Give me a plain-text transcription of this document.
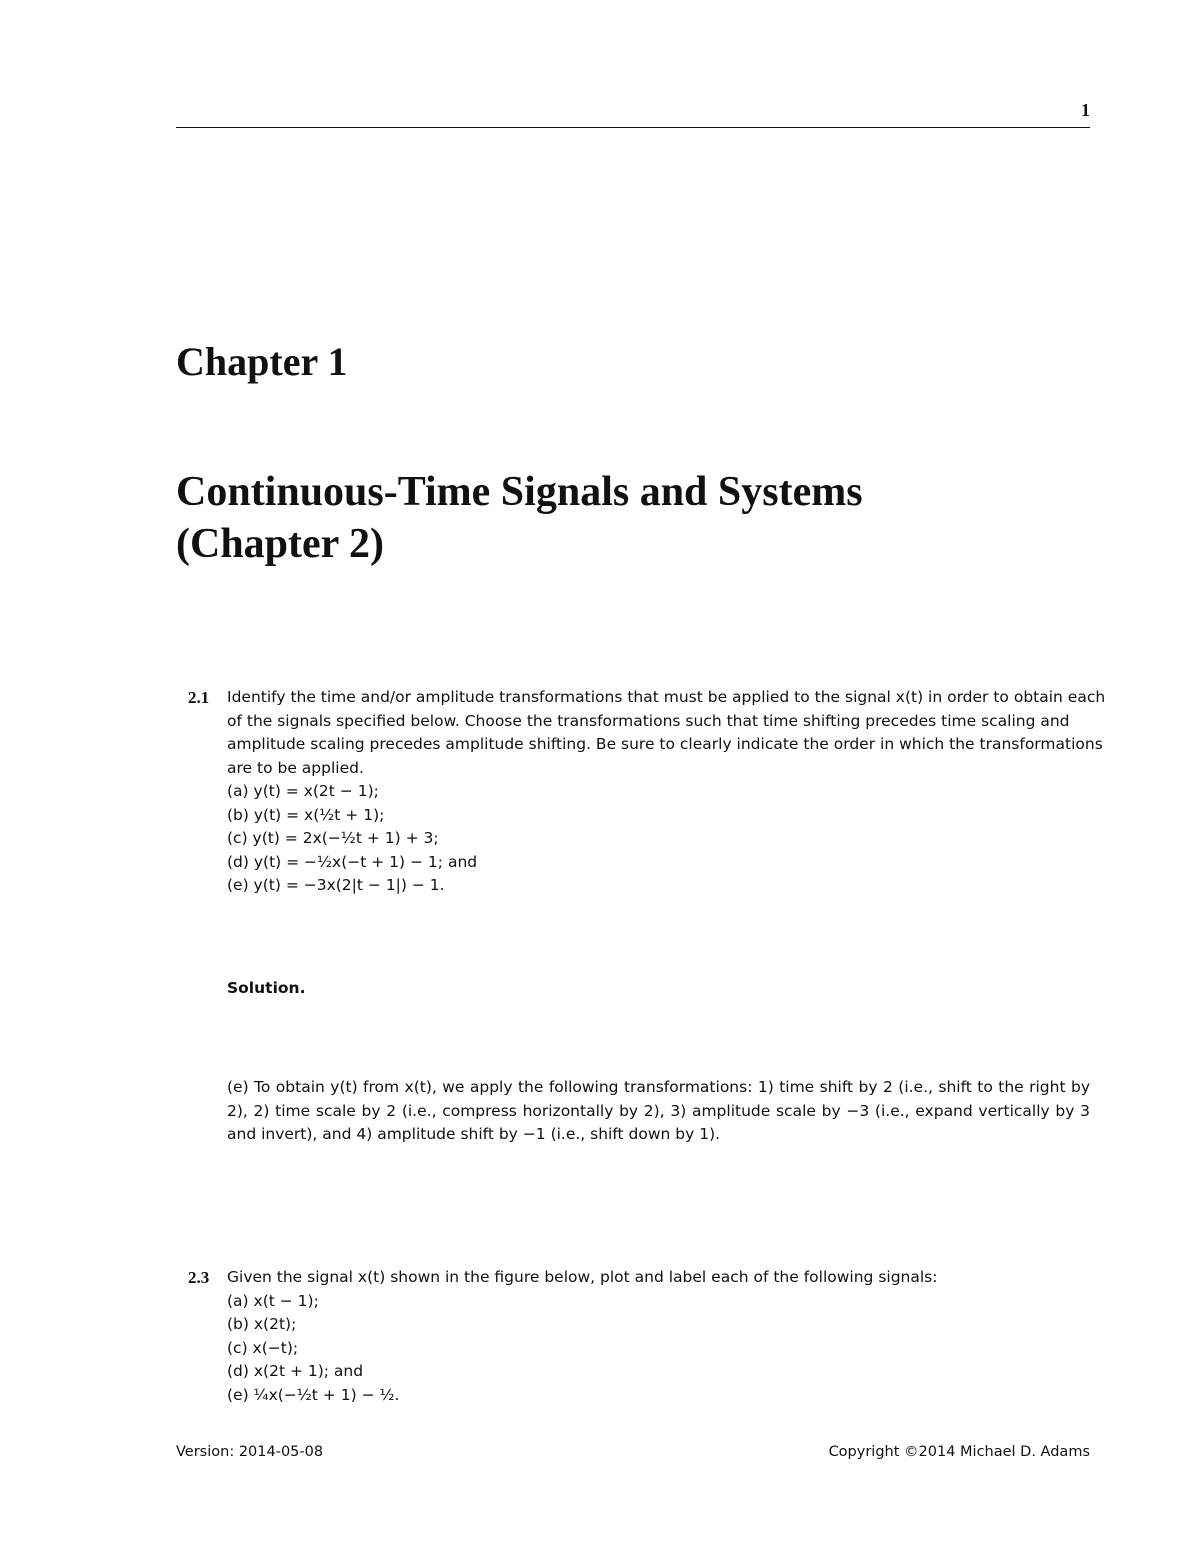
1
Chapter 1
Continuous-Time Signals and Systems
(Chapter 2)
2.1 Identify the time and/or amplitude transformations that must be applied to the signal x(t) in order to obtain each
of the signals specified below. Choose the transformations such that time shifting precedes time scaling and
amplitude scaling precedes amplitude shifting. Be sure to clearly indicate the order in which the transformations
are to be applied.
(a) y(t) = x(2t − 1);
(b) y(t) = x(½t + 1);
(c) y(t) = 2x(−½t + 1) + 3;
(d) y(t) = −½x(−t + 1) − 1; and
(e) y(t) = −3x(2|t − 1|) − 1.
Solution.
(e) To obtain y(t) from x(t), we apply the following transformations: 1) time shift by 2 (i.e., shift to the right by 2), 2) time scale by 2 (i.e., compress horizontally by 2), 3) amplitude scale by −3 (i.e., expand vertically by 3 and invert), and 4) amplitude shift by −1 (i.e., shift down by 1).
2.3 Given the signal x(t) shown in the figure below, plot and label each of the following signals:
(a) x(t − 1);
(b) x(2t);
(c) x(−t);
(d) x(2t + 1); and
(e) ¼x(−½t + 1) − ½.
Version: 2014-05-08	Copyright ©2014 Michael D. Adams
